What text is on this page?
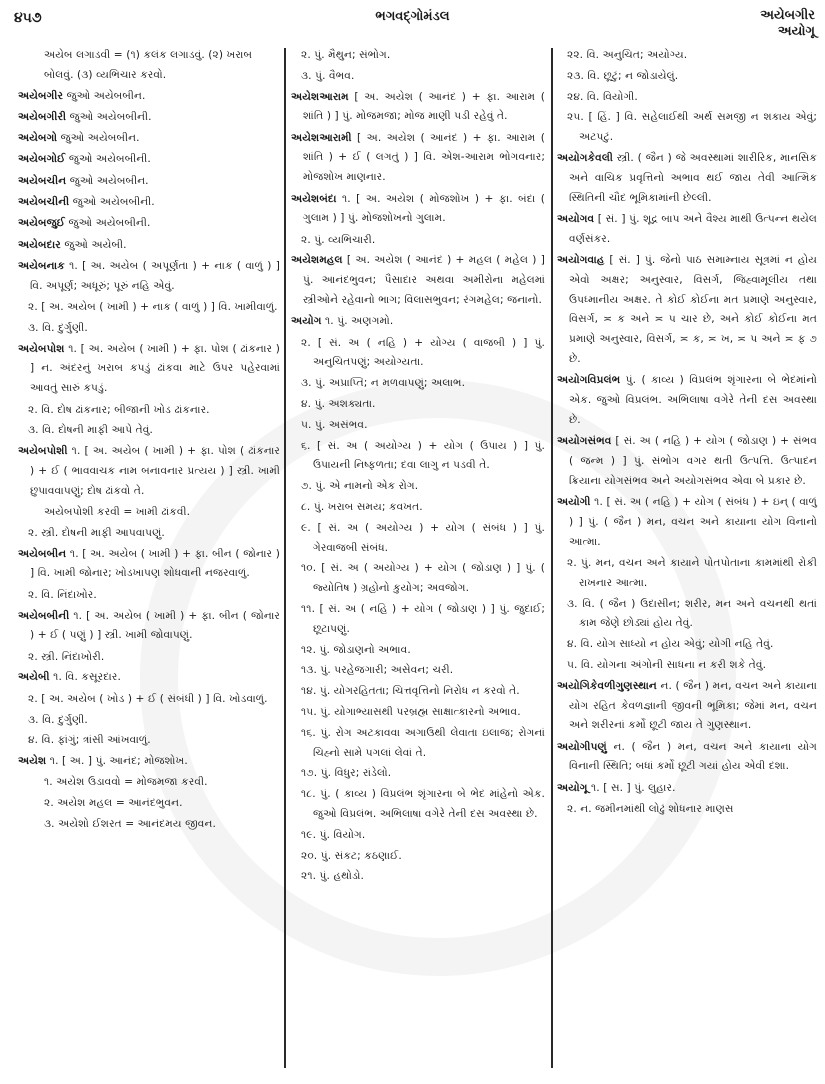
૪૫૭	ભગવદ્ગોમંડલ	અયેબગીર
અયોગૂ
અયેબ લગાડવી = (૧) કલંક લગાડવું. (૨) ખરાબ બોલવું. (૩) વ્યભિચાર કરવો.
અયેબગીર જુઓ અયેબબીન.
અયેબગીરી જુઓ અયેબબીની.
અયેબગો જુઓ અયેબબીન.
અયેબગોઈ જુઓ અયેબબીની.
અયેબચીન જુઓ અયેબબીન.
અયેબચીની જુઓ અયેબબીની.
અયેબજુઈ જુઓ અયેબબીની.
અયેબદાર જુઓ અયેબી.
અયેબનાક ૧. [ અ. અયેબ ( અપૂર્ણતા ) + નાક ( વાળું ) ] વિ. અપૂર્ણ; અધૂરું; પૂરું નહિ એવું.
૨. [ અ. અયેબ ( ખામી ) + નાક ( વાળું ) ] વિ. ખામીવાળું.
૩. વિ. દુર્ગુણી.
અયેબપોશ ૧. [ અ. અયેબ ( ખામી ) + ફા. પોશ ( ઢાંકનાર ) ] ન. અંદરનું ખરાબ કપડું ઢાંકવા માટે ઉપર પહેરવામાં આવતું સારું કપડું.
૨. વિ. દોષ ઢાંકનાર; બીજાની ખોડ ઢાંકનાર.
૩. વિ. દોષની માફી આપે તેવું.
અયેબપોશી ૧. [ અ. અયેબ ( ખામી ) + ફા. પોશ ( ઢાંકનાર ) + ઈ ( ભાવવાચક નામ બનાવનાર પ્રત્યય ) ] સ્ત્રી. ખામી છુપાવવાપણું; દોષ ઢાંકવો તે.
અયેબપોશી કરવી = ખામી ઢાંકવી.
૨. સ્ત્રી. દોષની માફી આપવાપણું.
અયેબબીન ૧. [ અ. અયેબ ( ખામી ) + ફા. બીન ( જોનાર ) ] વિ. ખામી જોનાર; ખોડખાપણ શોધવાની નજરવાળું.
૨. વિ. નિંદાખોર.
અયેબબીની ૧. [ અ. અયેબ ( ખામી ) + ફા. બીન ( જોનાર ) + ઈ ( પણું ) ] સ્ત્રી. ખામી જોવાપણું.
૨. સ્ત્રી. નિંદાખોરી.
અયેબી ૧. વિ. કસૂરદાર.
૨. [ અ. અયેબ ( ખોડ ) + ઈ ( સંબંધી ) ] વિ. ખોડવાળું.
૩. વિ. દુર્ગુણી.
૪. વિ. ફાંગું; ત્રાંસી આંખવાળું.
અયેશ ૧. [ અ. ] પું. આનંદ; મોજશોખ.
૧. અયેશ ઉડાવવો = મોજમજા કરવી.
૨. અયેશ મહલ = આનંદભુવન.
૩. અયેશો ઈશરત = આનંદમય જીવન.
૨. પું. મૈથુન; સંભોગ.
૩. પું. વૈભવ.
અયેશઆરામ [ અ. અયેશ ( આનંદ ) + ફા. આરામ ( શાંતિ ) ] પું. મોજમજા; મોજ માણી પડી રહેવું તે.
અયેશઆરામી [ અ. અયેશ ( આનંદ ) + ફા. આરામ ( શાંતિ ) + ઈ ( લગતું ) ] વિ. એશ-આરામ ભોગવનાર; મોજશોખ માણનાર.
અયેશબંદા ૧. [ અ. અયેશ ( મોજશોખ ) + ફા. બંદા ( ગુલામ ) ] પું. મોજશોખનો ગુલામ.
૨. પું. વ્યભિચારી.
અયેશમહલ [ અ. અયેશ ( આનંદ ) + મહલ ( મહેલ ) ] પું. આનંદભુવન; પૈસાદાર અથવા અમીરોના મહેલમાં સ્ત્રીઓને રહેવાનો ભાગ; વિલાસભુવન; રંગમહેલ; જનાનો.
અયોગ ૧. પું. અણગમો.
૨. [ સં. અ ( નહિ ) + યોગ્ય ( વાજબી ) ] પું. અનુચિતપણું; અયોગ્યતા.
૩. પું. અપ્રાપ્તિ; ન મળવાપણું; અલાભ.
૪. પું. અશક્યતા.
૫. પું. અસંભવ.
૬. [ સં. અ ( અયોગ્ય ) + યોગ ( ઉપાય ) ] પું. ઉપાયની નિષ્ફળતા; દવા લાગુ ન પડવી તે.
૭. પું. એ નામનો એક રોગ.
૮. પું. ખરાબ સમય; કવખત.
૯. [ સં. અ ( અયોગ્ય ) + યોગ ( સંબંધ ) ] પું. ગેરવાજબી સંબંધ.
૧૦. [ સં. અ ( અયોગ્ય ) + યોગ ( જોડાણ ) ] પું. ( જ્યોતિષ ) ગ્રહોનો કુયોગ; અવજોગ.
૧૧. [ સં. અ ( નહિ ) + યોગ ( જોડાણ ) ] પું. જુદાઈ; છૂટાપણું.
૧૨. પું. જોડાણનો અભાવ.
૧૩. પું. પરહેજગારી; અસેવન; ચરી.
૧૪. પું. યોગરહિતતા; ચિત્તવૃત્તિનો નિરોધ ન કરવો તે.
૧૫. પું. યોગાભ્યાસથી પરબ્રહ્મ સાક્ષાત્કારનો અભાવ.
૧૬. પું. રોગ અટકાવવા અગાઉથી લેવાતા ઇલાજ; રોગનાં ચિહ્નો સામે પગલાં લેવાં તે.
૧૭. પું. વિધુર; રાંડેલો.
૧૮. પું. ( કાવ્ય ) વિપ્રલંભ શૃંગારના બે ભેદ માંહેનો એક. જુઓ વિપ્રલંભ. અભિલાષા વગેરે તેની દસ અવસ્થા છે.
૧૯. પું. વિયોગ.
૨૦. પું. સંકટ; કઠણાઈ.
૨૧. પું. હથોડો.
૨૨. વિ. અનુચિત; અયોગ્ય.
૨૩. વિ. છૂટું; ન જોડાયેલું.
૨૪. વિ. વિયોગી.
૨૫. [ હિં. ] વિ. સહેલાઈથી અર્થ સમજી ન શકાય એવું; અટપટું.
અયોગકેવલી સ્ત્રી. ( જૈન ) જે અવસ્થામાં શારીરિક, માનસિક અને વાચિક પ્રવૃત્તિનો અભાવ થઈ જાય તેવી આત્મિક સ્થિતિની ચૌદ ભૂમિકામાંની છેલ્લી.
અયોગવ [ સં. ] પું. શૂદ્ર બાપ અને વૈશ્ય માથી ઉત્પન્ન થયેલ વર્ણસંકર.
અયોગવાહ [ સં. ] પું. જેનો પાઠ સમામ્નાય સૂત્રમાં ન હોય એવો અક્ષર; અનુસ્વાર, વિસર્ગ, જિહ્વામૂલીય તથા ઉપધ્માનીય અક્ષર. તે કોઈ કોઈના મત પ્રમાણે અનુસ્વાર, વિસર્ગ, ≍ ક અને ≍ પ ચાર છે, અને કોઈ કોઈના મત પ્રમાણે અનુસ્વાર, વિસર્ગ, ≍ ક, ≍ ખ, ≍ પ અને ≍ ફ ૭ છે.
અયોગવિપ્રલંભ પું. ( કાવ્ય ) વિપ્રલંભ શૃંગારના બે ભેદમાંનો એક. જુઓ વિપ્રલંભ. અભિલાષા વગેરે તેની દસ અવસ્થા છે.
અયોગસંભવ [ સં. અ ( નહિ ) + યોગ ( જોડાણ ) + સંભવ ( જન્મ ) ] પું. સંભોગ વગર થતી ઉત્પત્તિ. ઉત્પાદન ક્રિયાના યોગસંભવ અને અયોગસંભવ એવા બે પ્રકાર છે.
અયોગી ૧. [ સં. અ ( નહિ ) + યોગ ( સંબંધ ) + ઇન્ ( વાળું ) ] પું. ( જૈન ) મન, વચન અને કાયાના યોગ વિનાનો આત્મા.
૨. પું. મન, વચન અને કાયાને પોતપોતાના કામમાંથી રોકી રાખનાર આત્મા.
૩. વિ. ( જૈન ) ઉદાસીન; શરીર, મન અને વચનથી થતાં કામ જેણે છોડ્યાં હોય તેવું.
૪. વિ. યોગ સાધ્યો ન હોય એવું; યોગી નહિ તેવું.
૫. વિ. યોગના અંગોની સાધના ન કરી શકે તેવું.
અયોગિકેવળીગુણસ્થાન ન. ( જૈન ) મન, વચન અને કાયાના યોગ રહિત કેવળજ્ઞાની જીવની ભૂમિકા; જેમાં મન, વચન અને શરીરનાં કર્મો છૂટી જાય તે ગુણસ્થાન.
અયોગીપણું ન. ( જૈન ) મન, વચન અને કાયાના યોગ વિનાની સ્થિતિ; બધાં કર્મો છૂટી ગયાં હોય એવી દશા.
અયોગૂ ૧. [ સ. ] પું. લુહાર.
૨. ન. જમીનમાંથી લોઢું શોધનાર માણસ
